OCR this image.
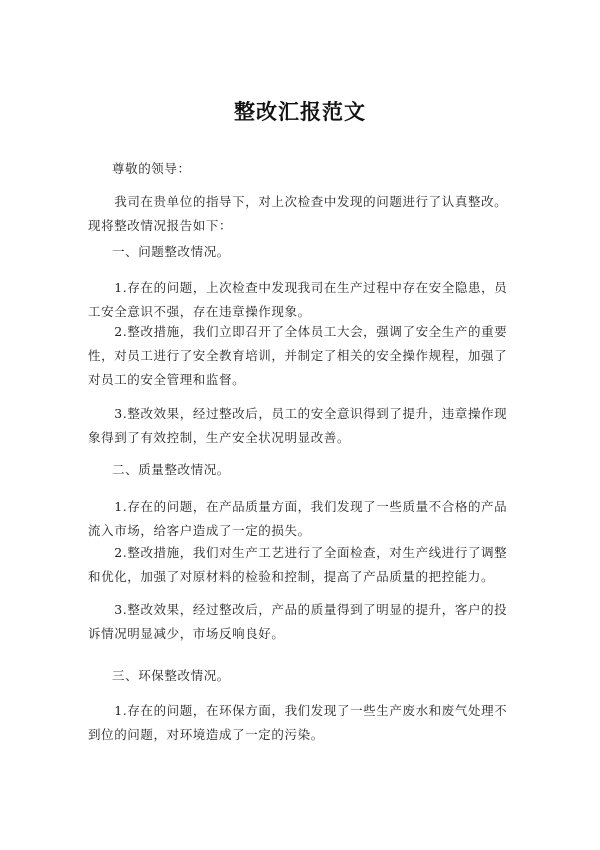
整改汇报范文

尊敬的领导：

我司在贵单位的指导下，对上次检查中发现的问题进行了认真整改。现将整改情况报告如下：

一、问题整改情况。

1.存在的问题，上次检查中发现我司在生产过程中存在安全隐患，员工安全意识不强，存在违章操作现象。

2.整改措施，我们立即召开了全体员工大会，强调了安全生产的重要性，对员工进行了安全教育培训，并制定了相关的安全操作规程，加强了对员工的安全管理和监督。

3.整改效果，经过整改后，员工的安全意识得到了提升，违章操作现象得到了有效控制，生产安全状况明显改善。

二、质量整改情况。

1.存在的问题，在产品质量方面，我们发现了一些质量不合格的产品流入市场，给客户造成了一定的损失。

2.整改措施，我们对生产工艺进行了全面检查，对生产线进行了调整和优化，加强了对原材料的检验和控制，提高了产品质量的把控能力。

3.整改效果，经过整改后，产品的质量得到了明显的提升，客户的投诉情况明显减少，市场反响良好。

三、环保整改情况。

1.存在的问题，在环保方面，我们发现了一些生产废水和废气处理不到位的问题，对环境造成了一定的污染。
